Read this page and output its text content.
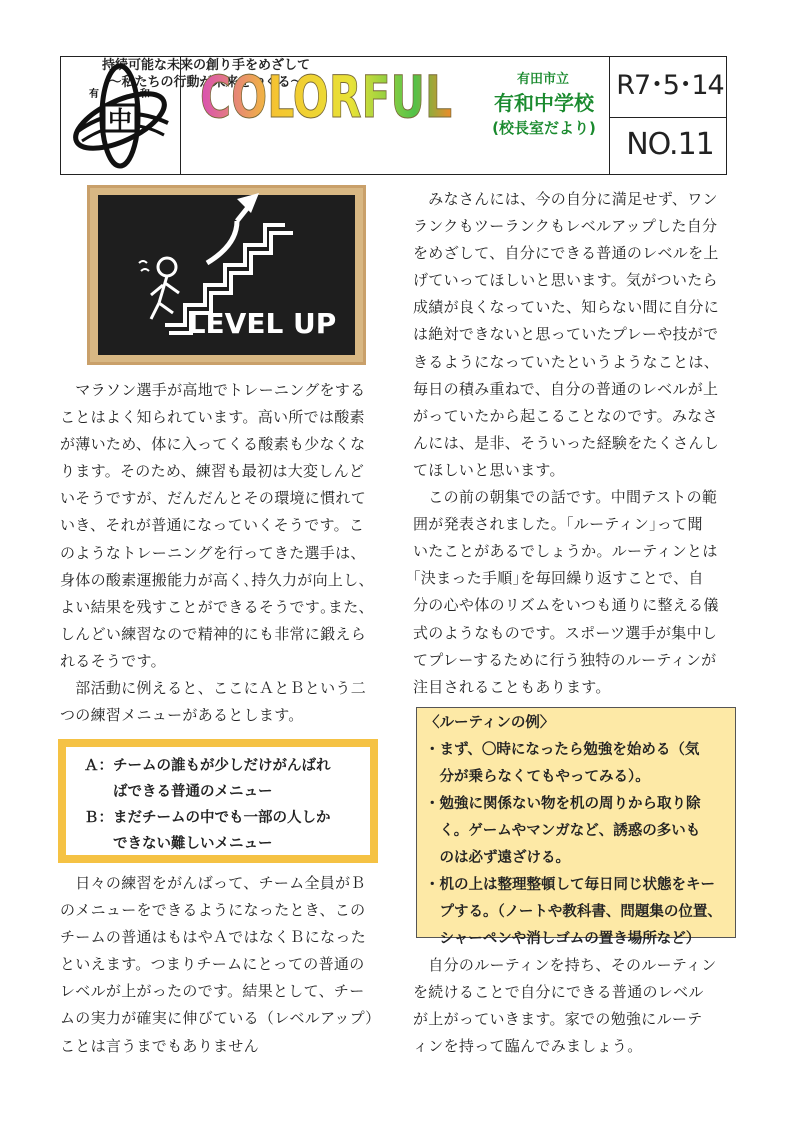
有	和
中 COLORFUL
持続可能な未来の創り手をめざして
～私たちの行動が未来をつくる～	有田市立
有和中学校
(校長室だより)
R7･5･14
NO.11
LEVEL UP

　マラソン選手が高地でトレーニングをする
ことはよく知られています。高い所では酸素
が薄いため、体に入ってくる酸素も少なくな
ります。そのため、練習も最初は大変しんど
いそうですが、だんだんとその環境に慣れて
いき、それが普通になっていくそうです。こ
のようなトレーニングを行ってきた選手は、
身体の酸素運搬能力が高く､持久力が向上し、
よい結果を残すことができるそうです｡また、
しんどい練習なので精神的にも非常に鍛えら
れるそうです。
　部活動に例えると、ここにＡとＢという二
つの練習メニューがあるとします。

Ａ：チームの誰もが少しだけがんばれ
　　ばできる普通のメニュー
Ｂ：まだチームの中でも一部の人しか
　　できない難しいメニュー

　日々の練習をがんばって、チーム全員がＢ
のメニューをできるようになったとき、この
チームの普通はもはやＡではなくＢになった
といえます。つまりチームにとっての普通の
レベルが上がったのです。結果として、チー
ムの実力が確実に伸びている（レベルアップ）
ことは言うまでもありません

　みなさんには、今の自分に満足せず、ワン
ランクもツーランクもレベルアップした自分
をめざして、自分にできる普通のレベルを上
げていってほしいと思います。気がついたら
成績が良くなっていた、知らない間に自分に
は絶対できないと思っていたプレーや技がで
きるようになっていたというようなことは、
毎日の積み重ねで、自分の普通のレベルが上
がっていたから起こることなのです。みなさ
んには、是非、そういった経験をたくさんし
てほしいと思います。
　この前の朝集での話です。中間テストの範
囲が発表されました。｢ルーティン｣って聞
いたことがあるでしょうか。ルーティンとは
｢決まった手順｣を毎回繰り返すことで、自
分の心や体のリズムをいつも通りに整える儀
式のようなものです。スポーツ選手が集中し
てプレーするために行う独特のルーティンが
注目されることもあります。

〈ルーティンの例〉
・まず、〇時になったら勉強を始める（気
　分が乗らなくてもやってみる）。
・勉強に関係ない物を机の周りから取り除
　く。ゲームやマンガなど、誘惑の多いも
　のは必ず遠ざける。
・机の上は整理整頓して毎日同じ状態をキー
　プする。（ノートや教科書、問題集の位置、
　シャーペンや消しゴムの置き場所など）

　自分のルーティンを持ち、そのルーティン
を続けることで自分にできる普通のレベル
が上がっていきます。家での勉強にルーテ
ィンを持って臨んでみましょう。
